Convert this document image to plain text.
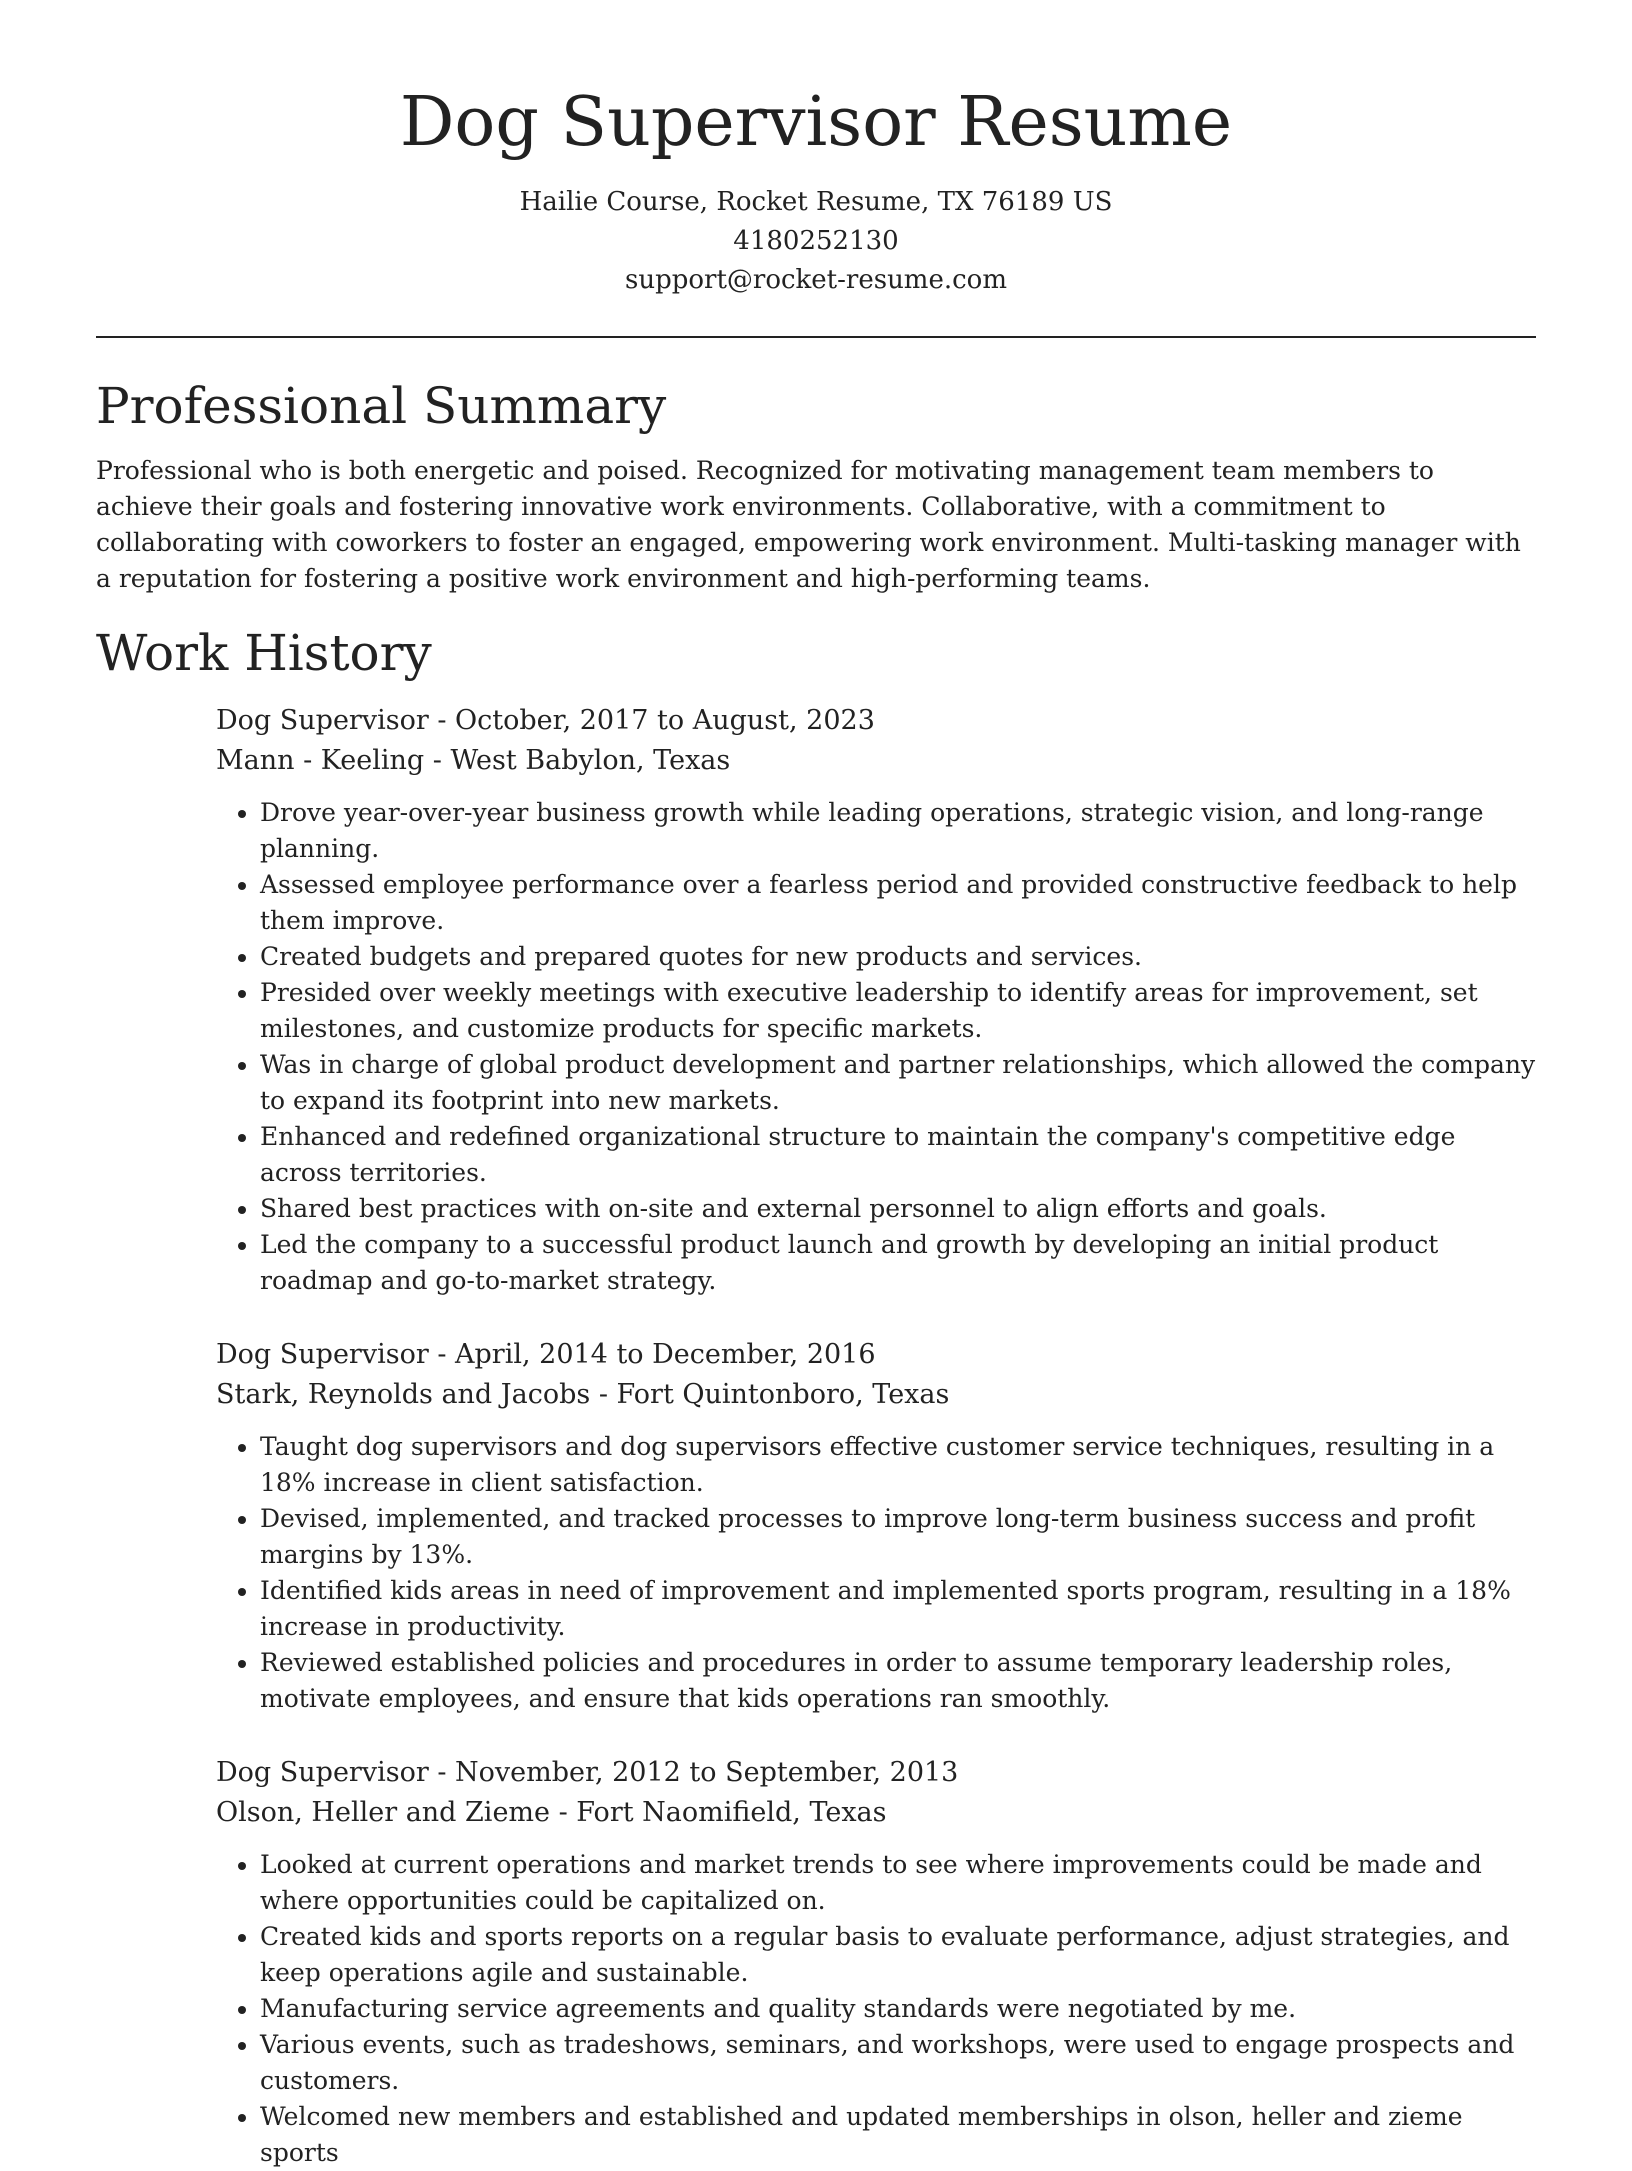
Dog Supervisor Resume
Hailie Course, Rocket Resume, TX 76189 US
4180252130
support@rocket-resume.com
Professional Summary

Professional who is both energetic and poised. Recognized for motivating management team members to achieve their goals and fostering innovative work environments. Collaborative, with a commitment to collaborating with coworkers to foster an engaged, empowering work environment. Multi-tasking manager with a reputation for fostering a positive work environment and high-performing teams.

Work History
Dog Supervisor - October, 2017 to August, 2023
Mann - Keeling - West Babylon, Texas
• Drove year-over-year business growth while leading operations, strategic vision, and long-range planning.
• Assessed employee performance over a fearless period and provided constructive feedback to help them improve.
• Created budgets and prepared quotes for new products and services.
• Presided over weekly meetings with executive leadership to identify areas for improvement, set milestones, and customize products for specific markets.
• Was in charge of global product development and partner relationships, which allowed the company to expand its footprint into new markets.
• Enhanced and redefined organizational structure to maintain the company's competitive edge across territories.
• Shared best practices with on-site and external personnel to align efforts and goals.
• Led the company to a successful product launch and growth by developing an initial product roadmap and go-to-market strategy.
Dog Supervisor - April, 2014 to December, 2016
Stark, Reynolds and Jacobs - Fort Quintonboro, Texas
• Taught dog supervisors and dog supervisors effective customer service techniques, resulting in a 18% increase in client satisfaction.
• Devised, implemented, and tracked processes to improve long-term business success and profit margins by 13%.
• Identified kids areas in need of improvement and implemented sports program, resulting in a 18% increase in productivity.
• Reviewed established policies and procedures in order to assume temporary leadership roles, motivate employees, and ensure that kids operations ran smoothly.
Dog Supervisor - November, 2012 to September, 2013
Olson, Heller and Zieme - Fort Naomifield, Texas
• Looked at current operations and market trends to see where improvements could be made and where opportunities could be capitalized on.
• Created kids and sports reports on a regular basis to evaluate performance, adjust strategies, and keep operations agile and sustainable.
• Manufacturing service agreements and quality standards were negotiated by me.
• Various events, such as tradeshows, seminars, and workshops, were used to engage prospects and customers.
• Welcomed new members and established and updated memberships in olson, heller and zieme sports
